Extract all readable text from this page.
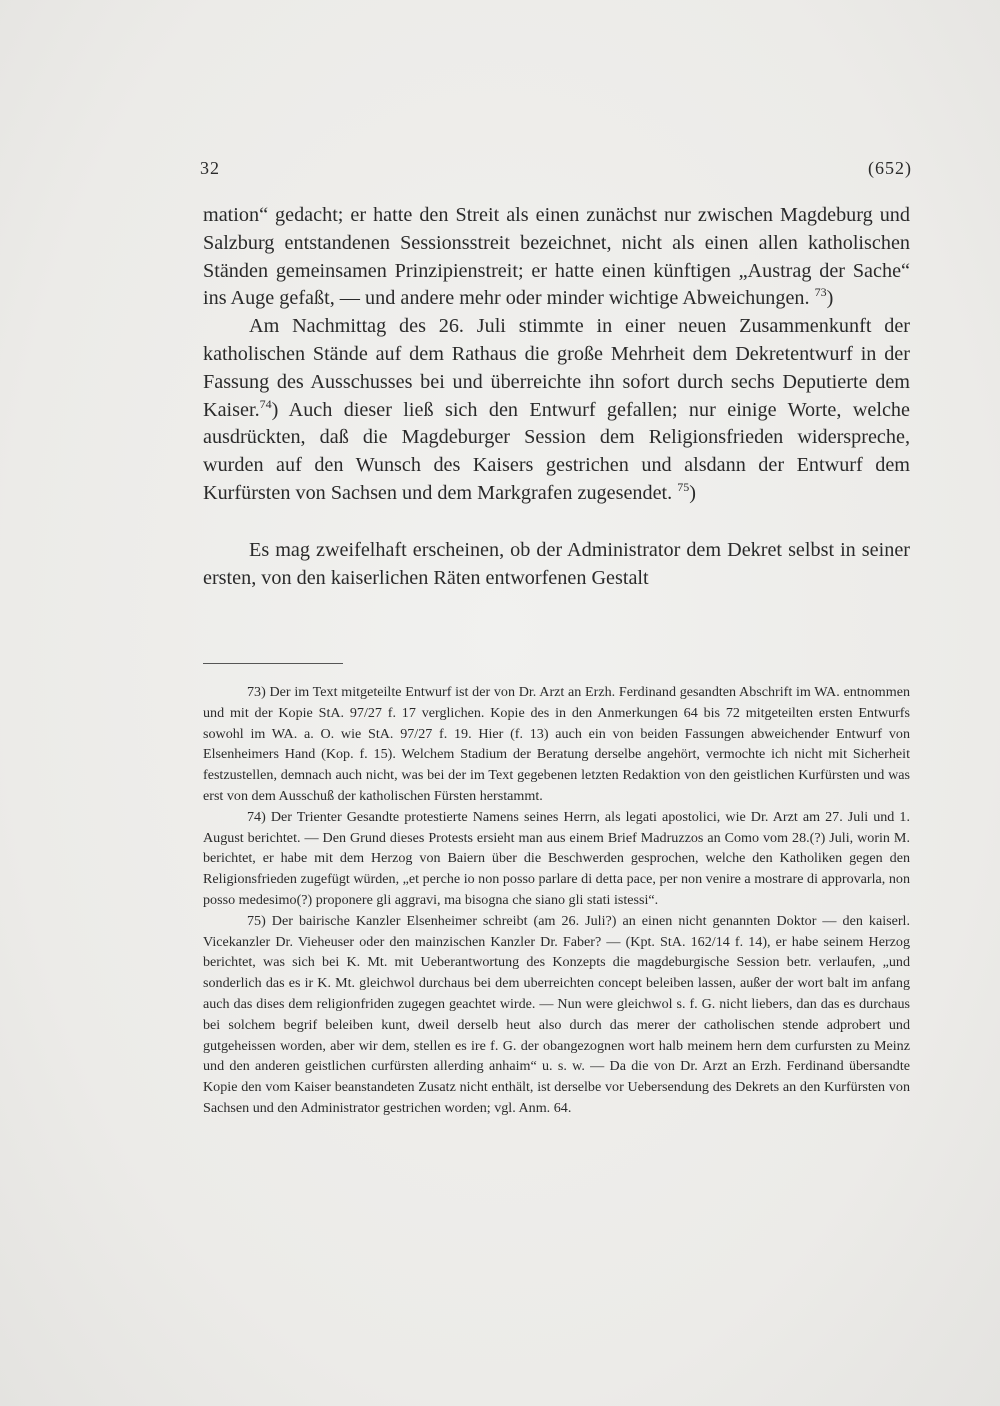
32	(652)

mation“ gedacht; er hatte den Streit als einen zunächst nur zwischen Magdeburg und Salzburg entstandenen Sessionsstreit bezeichnet, nicht als einen allen katholischen Ständen gemeinsamen Prinzipienstreit; er hatte einen künftigen „Austrag der Sache“ ins Auge gefaßt, — und andere mehr oder minder wichtige Abweichungen. $^{73}$)

Am Nachmittag des 26. Juli stimmte in einer neuen Zusammenkunft der katholischen Stände auf dem Rathaus die große Mehrheit dem Dekretentwurf in der Fassung des Ausschusses bei und überreichte ihn sofort durch sechs Deputierte dem Kaiser.$^{74}$) Auch dieser ließ sich den Entwurf gefallen; nur einige Worte, welche ausdrückten, daß die Magdeburger Session dem Religionsfrieden widerspreche, wurden auf den Wunsch des Kaisers gestrichen und alsdann der Entwurf dem Kurfürsten von Sachsen und dem Markgrafen zugesendet. $^{75}$)

Es mag zweifelhaft erscheinen, ob der Administrator dem Dekret selbst in seiner ersten, von den kaiserlichen Räten entworfenen Gestalt

73) Der im Text mitgeteilte Entwurf ist der von Dr. Arzt an Erzh. Ferdinand gesandten Abschrift im WA. entnommen und mit der Kopie StA. 97/27 f. 17 verglichen. Kopie des in den Anmerkungen 64 bis 72 mitgeteilten ersten Entwurfs sowohl im WA. a. O. wie StA. 97/27 f. 19. Hier (f. 13) auch ein von beiden Fassungen abweichender Entwurf von Elsenheimers Hand (Kop. f. 15). Welchem Stadium der Beratung derselbe angehört, vermochte ich nicht mit Sicherheit festzustellen, demnach auch nicht, was bei der im Text gegebenen letzten Redaktion von den geistlichen Kurfürsten und was erst von dem Ausschuß der katholischen Fürsten herstammt.

74) Der Trienter Gesandte protestierte Namens seines Herrn, als legati apostolici, wie Dr. Arzt am 27. Juli und 1. August berichtet. — Den Grund dieses Protests ersieht man aus einem Brief Madruzzos an Como vom 28.(?) Juli, worin M. berichtet, er habe mit dem Herzog von Baiern über die Beschwerden gesprochen, welche den Katholiken gegen den Religionsfrieden zugefügt würden, „et perche io non posso parlare di detta pace, per non venire a mostrare di approvarla, non posso medesimo(?) proponere gli aggravi, ma bisogna che siano gli stati istessi“.

75) Der bairische Kanzler Elsenheimer schreibt (am 26. Juli?) an einen nicht genannten Doktor — den kaiserl. Vicekanzler Dr. Vieheuser oder den mainzischen Kanzler Dr. Faber? — (Kpt. StA. 162/14 f. 14), er habe seinem Herzog berichtet, was sich bei K. Mt. mit Ueberantwortung des Konzepts die magdeburgische Session betr. verlaufen, „und sonderlich das es ir K. Mt. gleichwol durchaus bei dem uberreichten concept beleiben lassen, außer der wort balt im anfang auch das dises dem religionfriden zugegen geachtet wirde. — Nun were gleichwol s. f. G. nicht liebers, dan das es durchaus bei solchem begrif beleiben kunt, dweil derselb heut also durch das merer der catholischen stende adprobert und gutgeheissen worden, aber wir dem, stellen es ire f. G. der obangezognen wort halb meinem hern dem curfursten zu Meinz und den anderen geistlichen curfürsten allerding anhaim“ u. s. w. — Da die von Dr. Arzt an Erzh. Ferdinand übersandte Kopie den vom Kaiser beanstandeten Zusatz nicht enthält, ist derselbe vor Uebersendung des Dekrets an den Kurfürsten von Sachsen und den Administrator gestrichen worden; vgl. Anm. 64.
